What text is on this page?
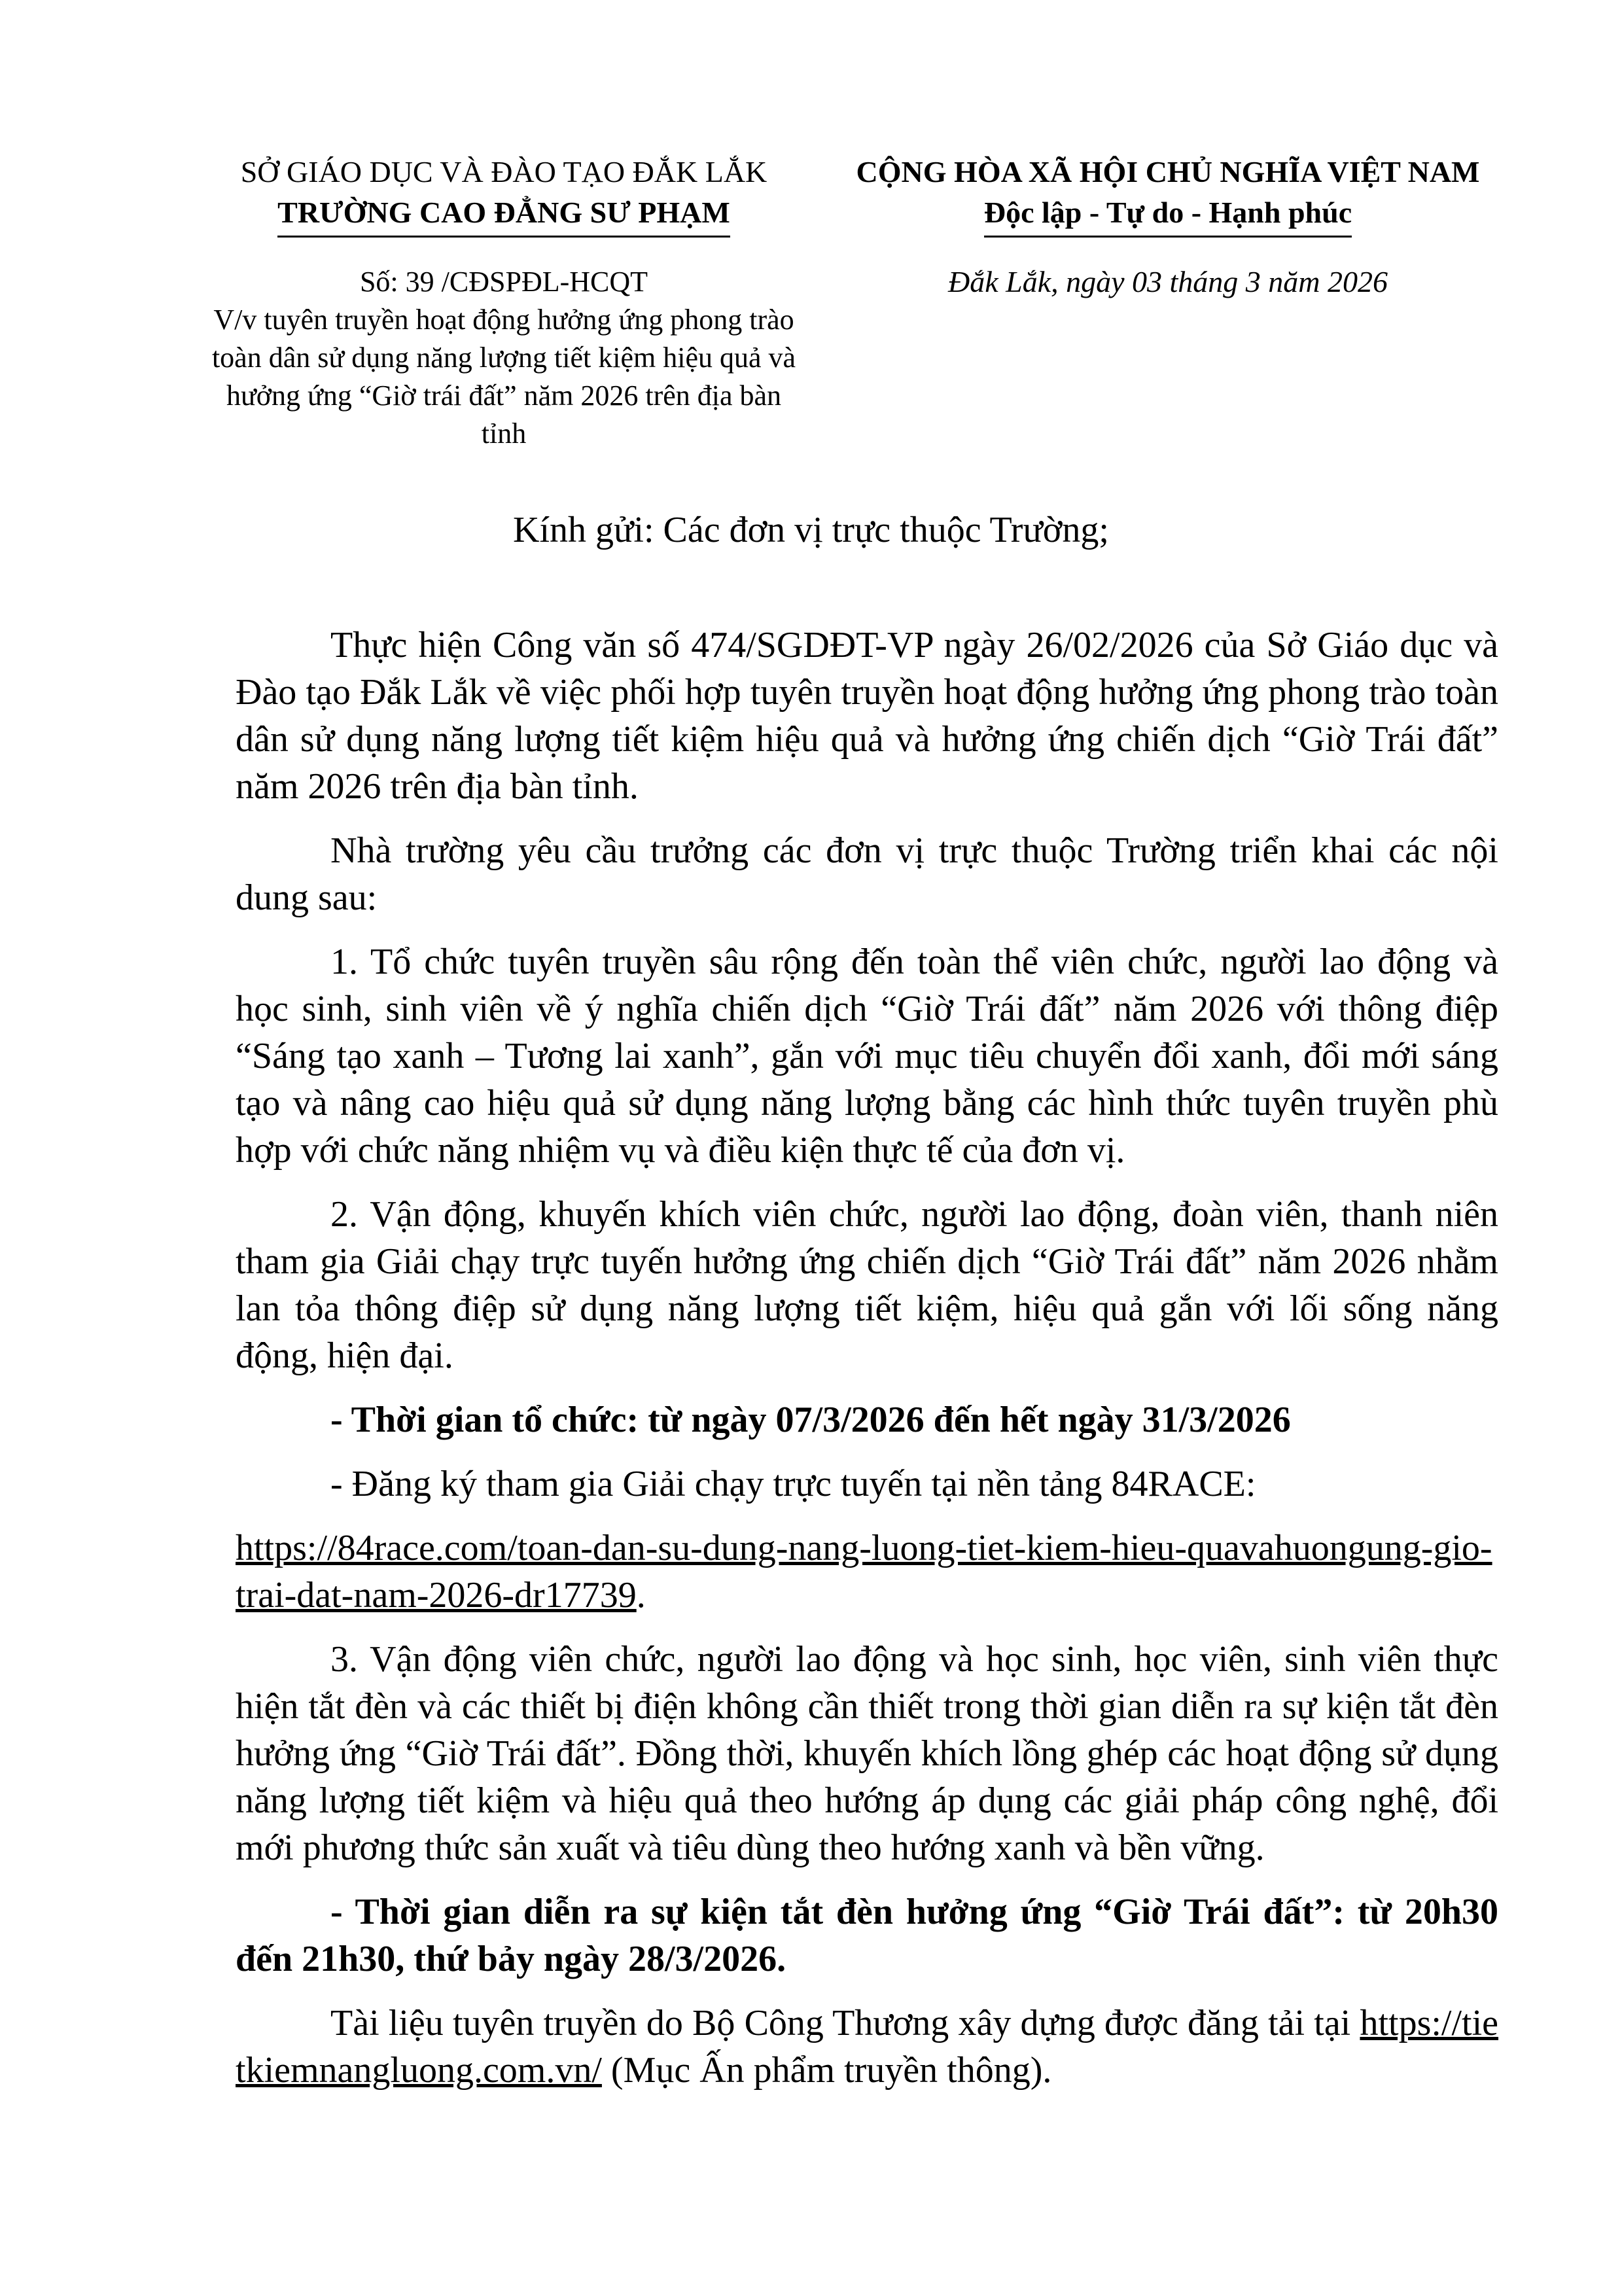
SỞ GIÁO DỤC VÀ ĐÀO TẠO ĐẮK LẮK
TRƯỜNG CAO ĐẲNG SƯ PHẠM
CỘNG HÒA XÃ HỘI CHỦ NGHĨA VIỆT NAM
Độc lập - Tự do - Hạnh phúc
Số: 39 /CĐSPĐL-HCQT
V/v tuyên truyền hoạt động hưởng ứng phong trào toàn dân sử dụng năng lượng tiết kiệm hiệu quả và hưởng ứng “Giờ trái đất” năm 2026 trên địa bàn tỉnh
Đắk Lắk, ngày 03 tháng 3 năm 2026
Kính gửi: Các đơn vị trực thuộc Trường;

Thực hiện Công văn số 474/SGDĐT-VP ngày 26/02/2026 của Sở Giáo dục và Đào tạo Đắk Lắk về việc phối hợp tuyên truyền hoạt động hưởng ứng phong trào toàn dân sử dụng năng lượng tiết kiệm hiệu quả và hưởng ứng chiến dịch “Giờ Trái đất” năm 2026 trên địa bàn tỉnh.

Nhà trường yêu cầu trưởng các đơn vị trực thuộc Trường triển khai các nội dung sau:

1. Tổ chức tuyên truyền sâu rộng đến toàn thể viên chức, người lao động và học sinh, sinh viên về ý nghĩa chiến dịch “Giờ Trái đất” năm 2026 với thông điệp “Sáng tạo xanh – Tương lai xanh”, gắn với mục tiêu chuyển đổi xanh, đổi mới sáng tạo và nâng cao hiệu quả sử dụng năng lượng bằng các hình thức tuyên truyền phù hợp với chức năng nhiệm vụ và điều kiện thực tế của đơn vị.

2. Vận động, khuyến khích viên chức, người lao động, đoàn viên, thanh niên tham gia Giải chạy trực tuyến hưởng ứng chiến dịch “Giờ Trái đất” năm 2026 nhằm lan tỏa thông điệp sử dụng năng lượng tiết kiệm, hiệu quả gắn với lối sống năng động, hiện đại.

- Thời gian tổ chức: từ ngày 07/3/2026 đến hết ngày 31/3/2026

- Đăng ký tham gia Giải chạy trực tuyến tại nền tảng 84RACE:

https://84race.com/toan-dan-su-dung-nang-luong-tiet-kiem-hieu-quavahuongung-gio-trai-dat-nam-2026-dr17739.

3. Vận động viên chức, người lao động và học sinh, học viên, sinh viên thực hiện tắt đèn và các thiết bị điện không cần thiết trong thời gian diễn ra sự kiện tắt đèn hưởng ứng “Giờ Trái đất”. Đồng thời, khuyến khích lồng ghép các hoạt động sử dụng năng lượng tiết kiệm và hiệu quả theo hướng áp dụng các giải pháp công nghệ, đổi mới phương thức sản xuất và tiêu dùng theo hướng xanh và bền vững.

- Thời gian diễn ra sự kiện tắt đèn hưởng ứng “Giờ Trái đất”: từ 20h30 đến 21h30, thứ bảy ngày 28/3/2026.

Tài liệu tuyên truyền do Bộ Công Thương xây dựng được đăng tải tại https://tietkiemnangluong.com.vn/ (Mục Ấn phẩm truyền thông).
